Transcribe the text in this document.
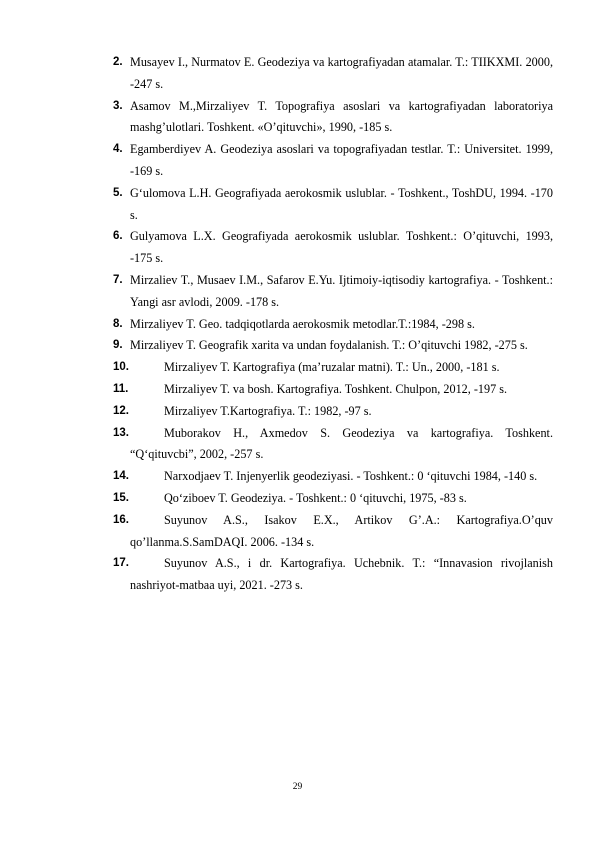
2. Musayev I., Nurmatov E. Geodeziya va kartografiyadan atamalar. T.: TIIKXMI. 2000, -247 s.
3. Asamov M.,Mirzaliyev T. Topografiya asoslari va kartografiyadan laboratoriya mashg’ulotlari. Toshkent. «O’qituvchi», 1990, -185 s.
4. Egamberdiyev A. Geodeziya asoslari va topografiyadan testlar. T.: Universitet. 1999, -169 s.
5. G‘ulomova L.H. Geografiyada aerokosmik uslublar. - Toshkent., ToshDU, 1994. -170 s.
6. Gulyamova L.X. Geografiyada aerokosmik uslublar. Toshkent.: O’qituvchi, 1993, -175 s.
7. Mirzaliev T., Musaev I.M., Safarov E.Yu. Ijtimoiy-iqtisodiy kartografiya. - Toshkent.: Yangi asr avlodi, 2009. -178 s.
8. Mirzaliyev T. Geo. tadqiqotlarda aerokosmik metodlar.T.:1984, -298 s.
9. Mirzaliyev T. Geografik xarita va undan foydalanish. T.: O’qituvchi 1982, -275 s.
10.	Mirzaliyev T. Kartografiya (ma’ruzalar matni). T.: Un., 2000, -181 s.
11.	Mirzaliyev T. va bosh. Kartografiya. Toshkent. Chulpon, 2012, -197 s.
12.	Mirzaliyev T.Kartografiya. T.: 1982, -97 s.
13.	Muborakov H., Axmedov S. Geodeziya va kartografiya. Toshkent. “Q‘qituvcbi”, 2002, -257 s.
14.	Narxodjaev T. Injenyerlik geodeziyasi. - Toshkent.: 0 ‘qituvchi 1984, -140 s.
15.	Qo‘ziboev T. Geodeziya. - Toshkent.: 0 ‘qituvchi, 1975, -83 s.
16.	Suyunov A.S., Isakov E.X., Artikov G’.A.: Kartografiya.O’quv qo’llanma.S.SamDAQI. 2006. -134 s.
17.	Suyunov A.S., i dr. Kartografiya. Uchebnik. T.: “Innavasion rivojlanish nashriyot-matbaa uyi, 2021. -273 s.
29
